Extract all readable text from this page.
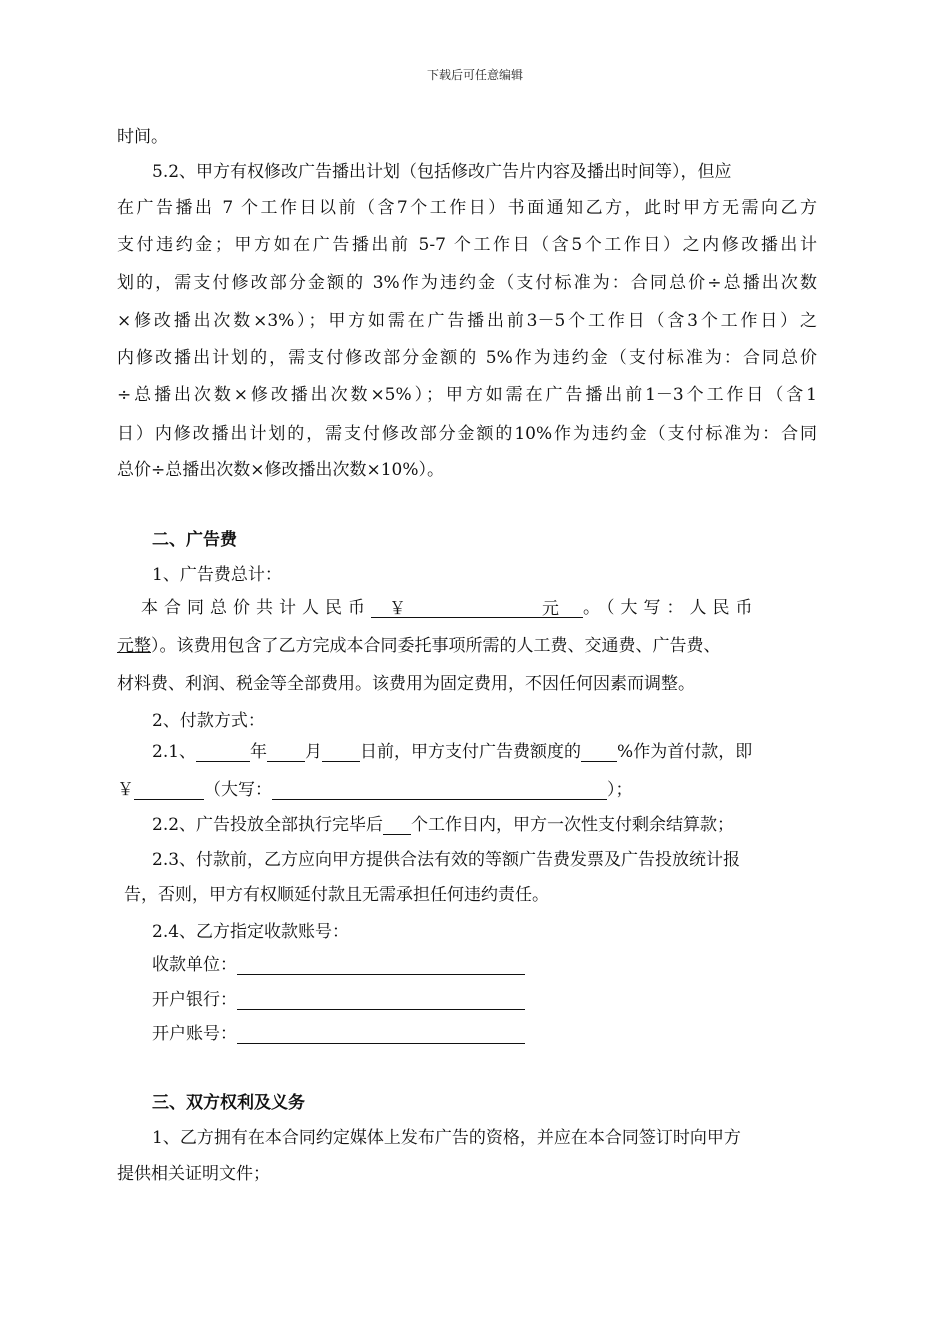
下载后可任意编辑
时间。
5.2、甲方有权修改广告播出计划（包括修改广告片内容及播出时间等），但应
在广告播出 7 个工作日以前（含7个工作日）书面通知乙方，此时甲方无需向乙方
支付违约金；甲方如在广告播出前 5-7 个工作日（含5个工作日）之内修改播出计
划的，需支付修改部分金额的 3%作为违约金（支付标准为：合同总价÷总播出次数
×修改播出次数×3%）；甲方如需在广告播出前3－5个工作日（含3个工作日）之
内修改播出计划的，需支付修改部分金额的 5%作为违约金（支付标准为：合同总价
÷总播出次数×修改播出次数×5%）；甲方如需在广告播出前1－3个工作日（含1
日）内修改播出计划的，需支付修改部分金额的10%作为违约金（支付标准为：合同
总价÷总播出次数×修改播出次数×10%）。
二、广告费
1、广告费总计：
本合同总价共计人民币 ￥	元 。（大写：人民币
元整）。该费用包含了乙方完成本合同委托事项所需的人工费、交通费、广告费、
材料费、利润、税金等全部费用。该费用为固定费用，不因任何因素而调整。
2、付款方式：
2.1、	年 月 日前，甲方支付广告费额度的 %作为首付款，即
￥	（大写：	）；
2.2、广告投放全部执行完毕后 个工作日内，甲方一次性支付剩余结算款；
2.3、付款前，乙方应向甲方提供合法有效的等额广告费发票及广告投放统计报
告，否则，甲方有权顺延付款且无需承担任何违约责任。
2.4、乙方指定收款账号：
收款单位：
开户银行：
开户账号：
三、双方权利及义务
1、乙方拥有在本合同约定媒体上发布广告的资格，并应在本合同签订时向甲方
提供相关证明文件；
